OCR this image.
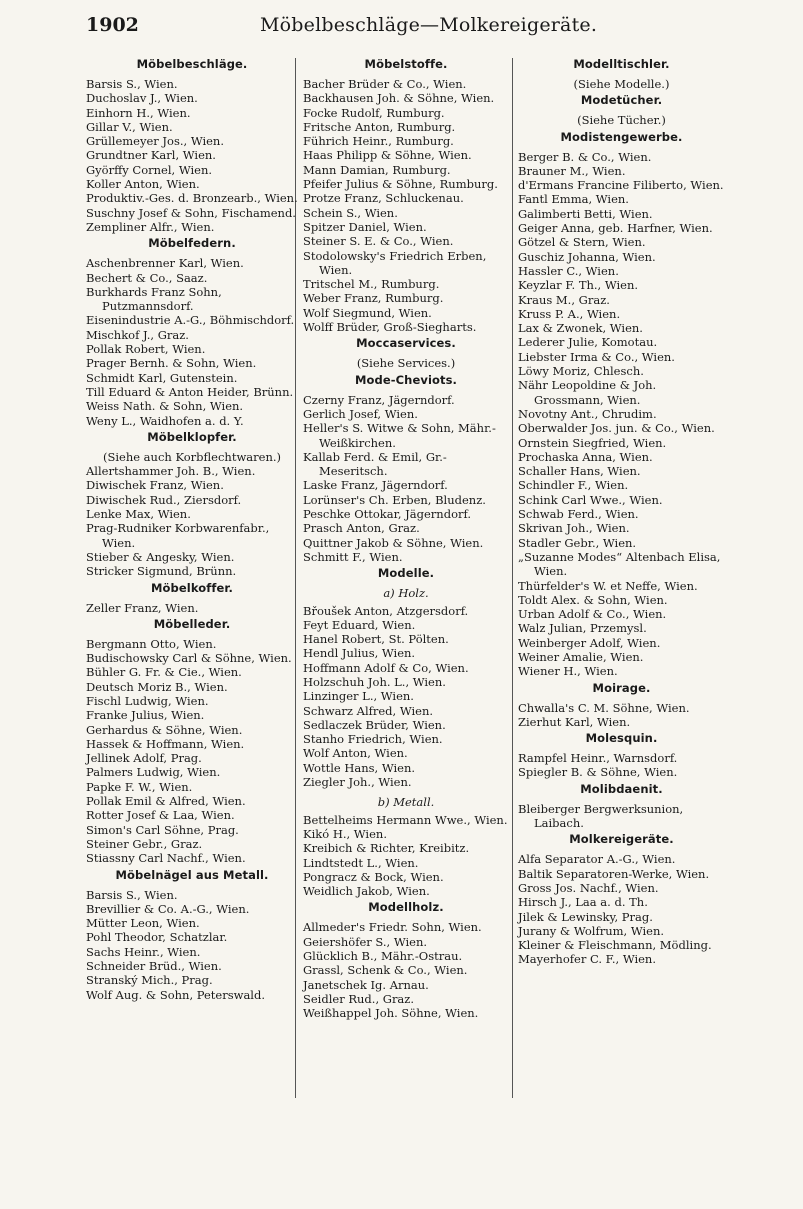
1902	Möbelbeschläge—Molkereigeräte.
Möbelbeschläge.
Barsis S., Wien.
Duchoslav J., Wien.
Einhorn H., Wien.
Gillar V., Wien.
Grüllemeyer Jos., Wien.
Grundtner Karl, Wien.
Györffy Cornel, Wien.
Koller Anton, Wien.
Produktiv.-Ges. d. Bronzearb., Wien.
Suschny Josef & Sohn, Fischamend.
Zempliner Alfr., Wien.
Möbelfedern.
Aschenbrenner Karl, Wien.
Bechert & Co., Saaz.
Burkhards Franz Sohn, Putzmannsdorf.
Eisenindustrie A.-G., Böhmischdorf.
Mischkof J., Graz.
Pollak Robert, Wien.
Prager Bernh. & Sohn, Wien.
Schmidt Karl, Gutenstein.
Till Eduard & Anton Heider, Brünn.
Weiss Nath. & Sohn, Wien.
Weny L., Waidhofen a. d. Y.
Möbelklopfer.
(Siehe auch Korbflechtwaren.)
Allertshammer Joh. B., Wien.
Diwischek Franz, Wien.
Diwischek Rud., Ziersdorf.
Lenke Max, Wien.
Prag-Rudniker Korbwarenfabr., Wien.
Stieber & Angesky, Wien.
Stricker Sigmund, Brünn.
Möbelkoffer.
Zeller Franz, Wien.
Möbelleder.
Bergmann Otto, Wien.
Budischowsky Carl & Söhne, Wien.
Bühler G. Fr. & Cie., Wien.
Deutsch Moriz B., Wien.
Fischl Ludwig, Wien.
Franke Julius, Wien.
Gerhardus & Söhne, Wien.
Hassek & Hoffmann, Wien.
Jellinek Adolf, Prag.
Palmers Ludwig, Wien.
Papke F. W., Wien.
Pollak Emil & Alfred, Wien.
Rotter Josef & Laa, Wien.
Simon's Carl Söhne, Prag.
Steiner Gebr., Graz.
Stiassny Carl Nachf., Wien.
Möbelnägel aus Metall.
Barsis S., Wien.
Brevillier & Co. A.-G., Wien.
Mütter Leon, Wien.
Pohl Theodor, Schatzlar.
Sachs Heinr., Wien.
Schneider Brüd., Wien.
Stranský Mich., Prag.
Wolf Aug. & Sohn, Peterswald.
Möbelstoffe.
Bacher Brüder & Co., Wien.
Backhausen Joh. & Söhne, Wien.
Focke Rudolf, Rumburg.
Fritsche Anton, Rumburg.
Führich Heinr., Rumburg.
Haas Philipp & Söhne, Wien.
Mann Damian, Rumburg.
Pfeifer Julius & Söhne, Rumburg.
Protze Franz, Schluckenau.
Schein S., Wien.
Spitzer Daniel, Wien.
Steiner S. E. & Co., Wien.
Stodolowsky's Friedrich Erben, Wien.
Tritschel M., Rumburg.
Weber Franz, Rumburg.
Wolf Siegmund, Wien.
Wolff Brüder, Groß-Siegharts.
Moccaservices.
(Siehe Services.)
Mode-Cheviots.
Czerny Franz, Jägerndorf.
Gerlich Josef, Wien.
Heller's S. Witwe & Sohn, Mähr.-Weißkirchen.
Kallab Ferd. & Emil, Gr.-Meseritsch.
Laske Franz, Jägerndorf.
Lorünser's Ch. Erben, Bludenz.
Peschke Ottokar, Jägerndorf.
Prasch Anton, Graz.
Quittner Jakob & Söhne, Wien.
Schmitt F., Wien.
Modelle.
a) Holz.
Břoušek Anton, Atzgersdorf.
Feyt Eduard, Wien.
Hanel Robert, St. Pölten.
Hendl Julius, Wien.
Hoffmann Adolf & Co, Wien.
Holzschuh Joh. L., Wien.
Linzinger L., Wien.
Schwarz Alfred, Wien.
Sedlaczek Brüder, Wien.
Stanho Friedrich, Wien.
Wolf Anton, Wien.
Wottle Hans, Wien.
Ziegler Joh., Wien.
b) Metall.
Bettelheims Hermann Wwe., Wien.
Kikó H., Wien.
Kreibich & Richter, Kreibitz.
Lindtstedt L., Wien.
Pongracz & Bock, Wien.
Weidlich Jakob, Wien.
Modellholz.
Allmeder's Friedr. Sohn, Wien.
Geiershöfer S., Wien.
Glücklich B., Mähr.-Ostrau.
Grassl, Schenk & Co., Wien.
Janetschek Ig. Arnau.
Seidler Rud., Graz.
Weißhappel Joh. Söhne, Wien.
Modelltischler.
(Siehe Modelle.)
Modetücher.
(Siehe Tücher.)
Modistengewerbe.
Berger B. & Co., Wien.
Brauner M., Wien.
d'Ermans Francine Filiberto, Wien.
Fantl Emma, Wien.
Galimberti Betti, Wien.
Geiger Anna, geb. Harfner, Wien.
Götzel & Stern, Wien.
Guschiz Johanna, Wien.
Hassler C., Wien.
Keyzlar F. Th., Wien.
Kraus M., Graz.
Kruss P. A., Wien.
Lax & Zwonek, Wien.
Lederer Julie, Komotau.
Liebster Irma & Co., Wien.
Löwy Moriz, Chlesch.
Nähr Leopoldine & Joh. Grossmann, Wien.
Novotny Ant., Chrudim.
Oberwalder Jos. jun. & Co., Wien.
Ornstein Siegfried, Wien.
Prochaska Anna, Wien.
Schaller Hans, Wien.
Schindler F., Wien.
Schink Carl Wwe., Wien.
Schwab Ferd., Wien.
Skrivan Joh., Wien.
Stadler Gebr., Wien.
„Suzanne Modes“ Altenbach Elisa, Wien.
Thürfelder's W. et Neffe, Wien.
Toldt Alex. & Sohn, Wien.
Urban Adolf & Co., Wien.
Walz Julian, Przemysl.
Weinberger Adolf, Wien.
Weiner Amalie, Wien.
Wiener H., Wien.
Moirage.
Chwalla's C. M. Söhne, Wien.
Zierhut Karl, Wien.
Molesquin.
Rampfel Heinr., Warnsdorf.
Spiegler B. & Söhne, Wien.
Molibdaenit.
Bleiberger Bergwerksunion, Laibach.
Molkereigeräte.
Alfa Separator A.-G., Wien.
Baltik Separatoren-Werke, Wien.
Gross Jos. Nachf., Wien.
Hirsch J., Laa a. d. Th.
Jilek & Lewinsky, Prag.
Jurany & Wolfrum, Wien.
Kleiner & Fleischmann, Mödling.
Mayerhofer C. F., Wien.
